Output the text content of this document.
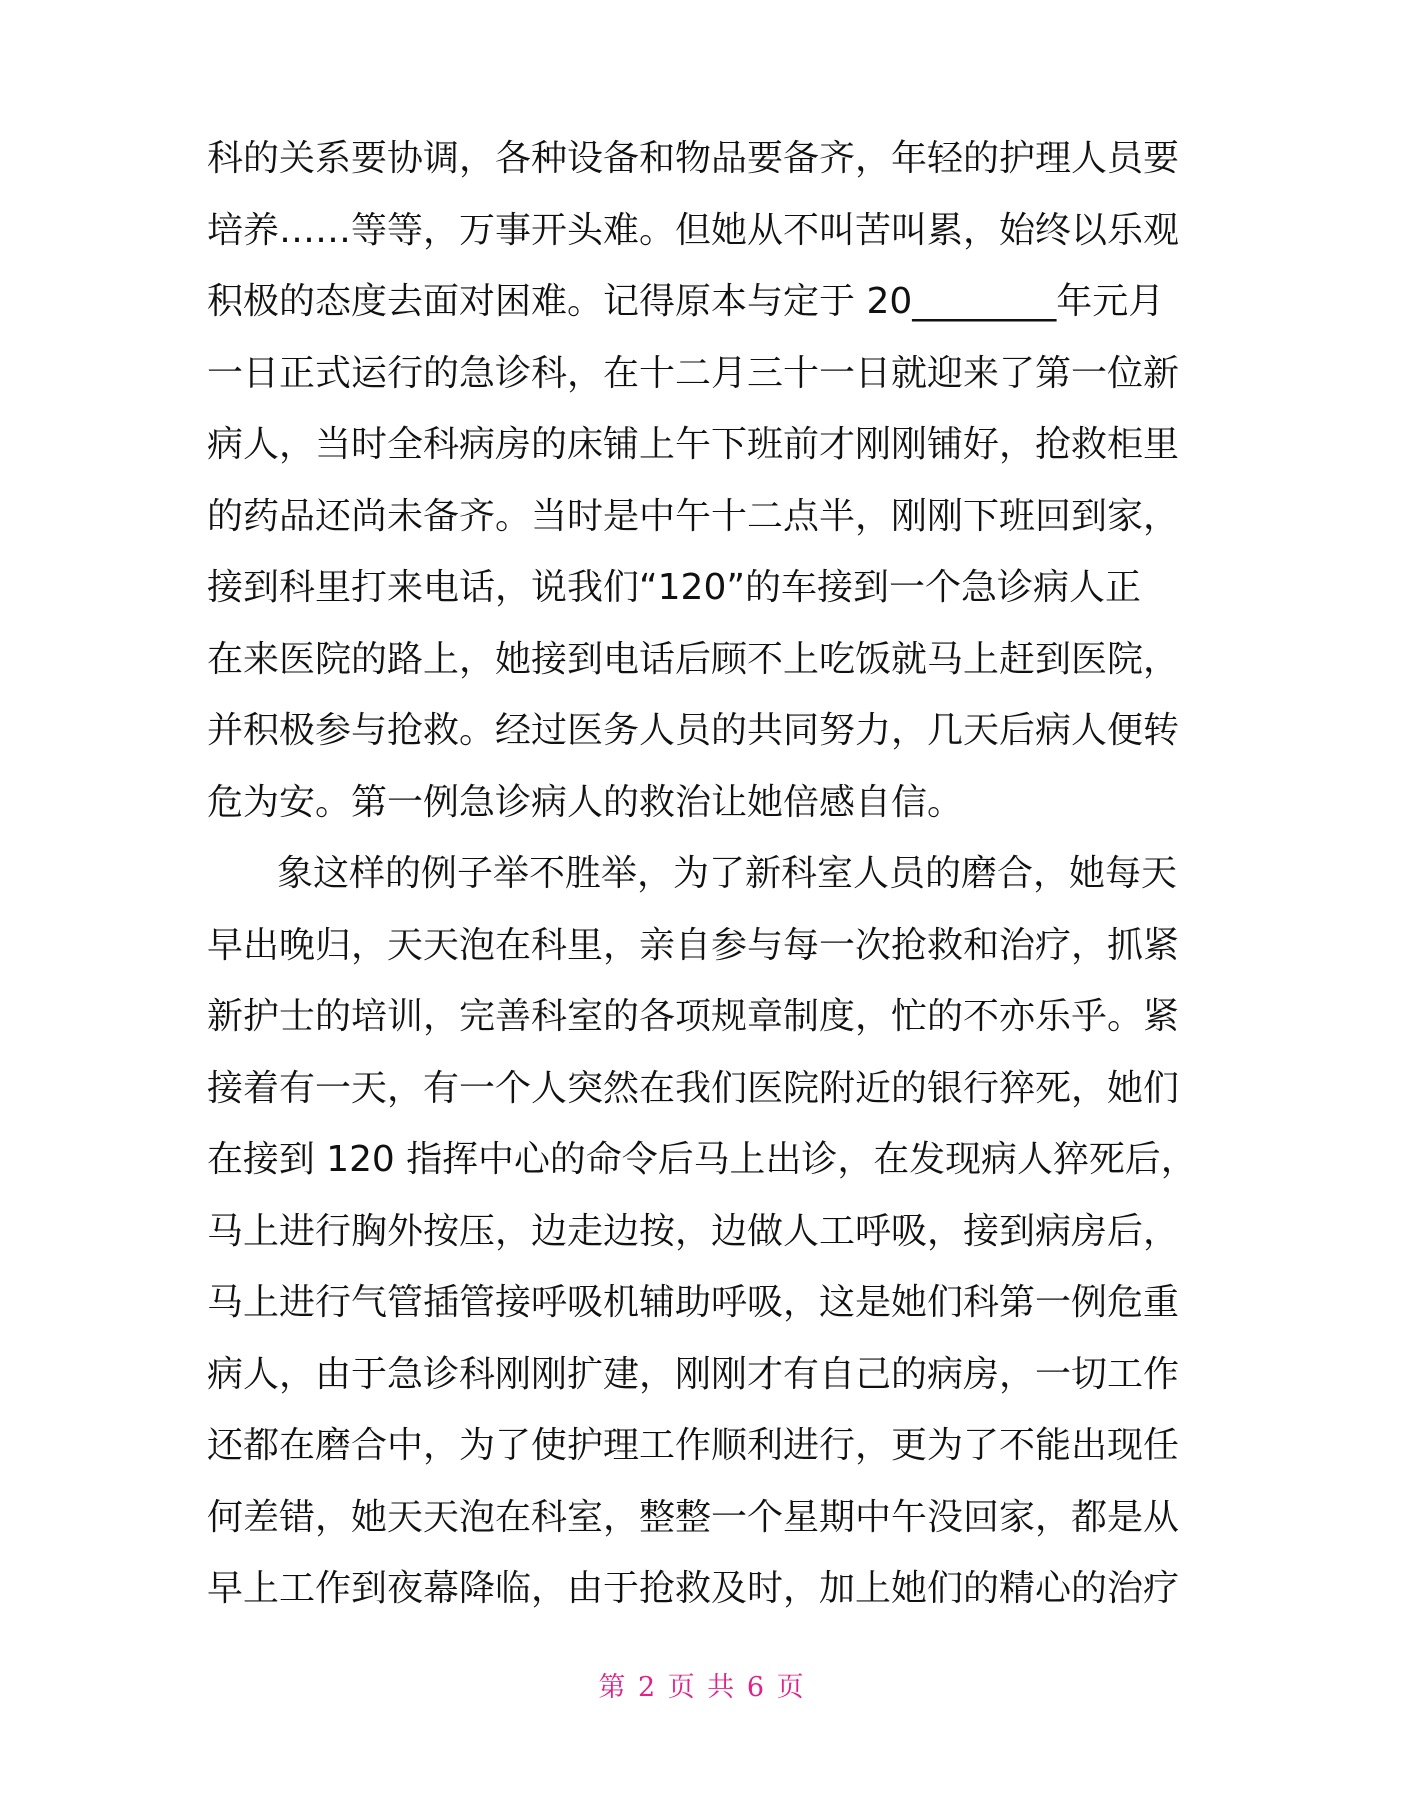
科的关系要协调，各种设备和物品要备齐，年轻的护理人员要
培养……等等，万事开头难。但她从不叫苦叫累，始终以乐观
积极的态度去面对困难。记得原本与定于 20________年元月
一日正式运行的急诊科，在十二月三十一日就迎来了第一位新
病人，当时全科病房的床铺上午下班前才刚刚铺好，抢救柜里
的药品还尚未备齐。当时是中午十二点半，刚刚下班回到家，
接到科里打来电话，说我们“120”的车接到一个急诊病人正
在来医院的路上，她接到电话后顾不上吃饭就马上赶到医院，
并积极参与抢救。经过医务人员的共同努力，几天后病人便转
危为安。第一例急诊病人的救治让她倍感自信。
象这样的例子举不胜举，为了新科室人员的磨合，她每天
早出晚归，天天泡在科里，亲自参与每一次抢救和治疗，抓紧
新护士的培训，完善科室的各项规章制度，忙的不亦乐乎。紧
接着有一天，有一个人突然在我们医院附近的银行猝死，她们
在接到 120 指挥中心的命令后马上出诊，在发现病人猝死后，
马上进行胸外按压，边走边按，边做人工呼吸，接到病房后，
马上进行气管插管接呼吸机辅助呼吸，这是她们科第一例危重
病人，由于急诊科刚刚扩建，刚刚才有自己的病房，一切工作
还都在磨合中，为了使护理工作顺利进行，更为了不能出现任
何差错，她天天泡在科室，整整一个星期中午没回家，都是从
早上工作到夜幕降临，由于抢救及时，加上她们的精心的治疗
第 2 页 共 6 页
